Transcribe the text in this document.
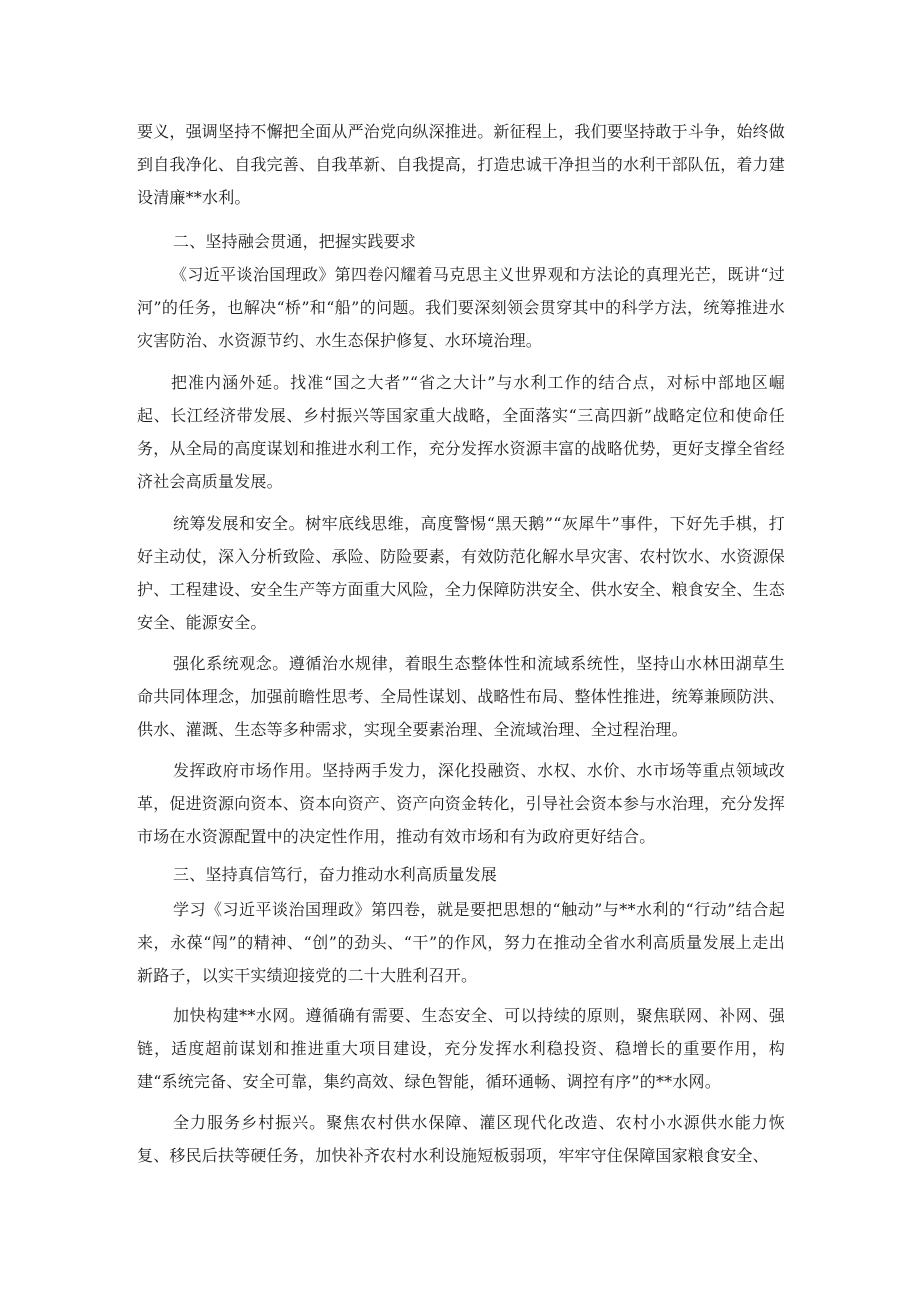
要义，强调坚持不懈把全面从严治党向纵深推进。新征程上，我们要坚持敢于斗争，始终做到自我净化、自我完善、自我革新、自我提高，打造忠诚干净担当的水利干部队伍，着力建设清廉**水利。

二、坚持融会贯通，把握实践要求

《习近平谈治国理政》第四卷闪耀着马克思主义世界观和方法论的真理光芒，既讲“过河”的任务，也解决“桥”和“船”的问题。我们要深刻领会贯穿其中的科学方法，统筹推进水灾害防治、水资源节约、水生态保护修复、水环境治理。

把准内涵外延。找准“国之大者”“省之大计”与水利工作的结合点，对标中部地区崛起、长江经济带发展、乡村振兴等国家重大战略，全面落实“三高四新”战略定位和使命任务，从全局的高度谋划和推进水利工作，充分发挥水资源丰富的战略优势，更好支撑全省经济社会高质量发展。

统筹发展和安全。树牢底线思维，高度警惕“黑天鹅”“灰犀牛”事件，下好先手棋，打好主动仗，深入分析致险、承险、防险要素，有效防范化解水旱灾害、农村饮水、水资源保护、工程建设、安全生产等方面重大风险，全力保障防洪安全、供水安全、粮食安全、生态安全、能源安全。

强化系统观念。遵循治水规律，着眼生态整体性和流域系统性，坚持山水林田湖草生命共同体理念，加强前瞻性思考、全局性谋划、战略性布局、整体性推进，统筹兼顾防洪、供水、灌溉、生态等多种需求，实现全要素治理、全流域治理、全过程治理。

发挥政府市场作用。坚持两手发力，深化投融资、水权、水价、水市场等重点领域改革，促进资源向资本、资本向资产、资产向资金转化，引导社会资本参与水治理，充分发挥市场在水资源配置中的决定性作用，推动有效市场和有为政府更好结合。

三、坚持真信笃行，奋力推动水利高质量发展

学习《习近平谈治国理政》第四卷，就是要把思想的“触动”与**水利的“行动”结合起来，永葆“闯”的精神、“创”的劲头、“干”的作风，努力在推动全省水利高质量发展上走出新路子，以实干实绩迎接党的二十大胜利召开。

加快构建**水网。遵循确有需要、生态安全、可以持续的原则，聚焦联网、补网、强链，适度超前谋划和推进重大项目建设，充分发挥水利稳投资、稳增长的重要作用，构建“系统完备、安全可靠，集约高效、绿色智能，循环通畅、调控有序”的**水网。

全力服务乡村振兴。聚焦农村供水保障、灌区现代化改造、农村小水源供水能力恢复、移民后扶等硬任务，加快补齐农村水利设施短板弱项，牢牢守住保障国家粮食安全、
